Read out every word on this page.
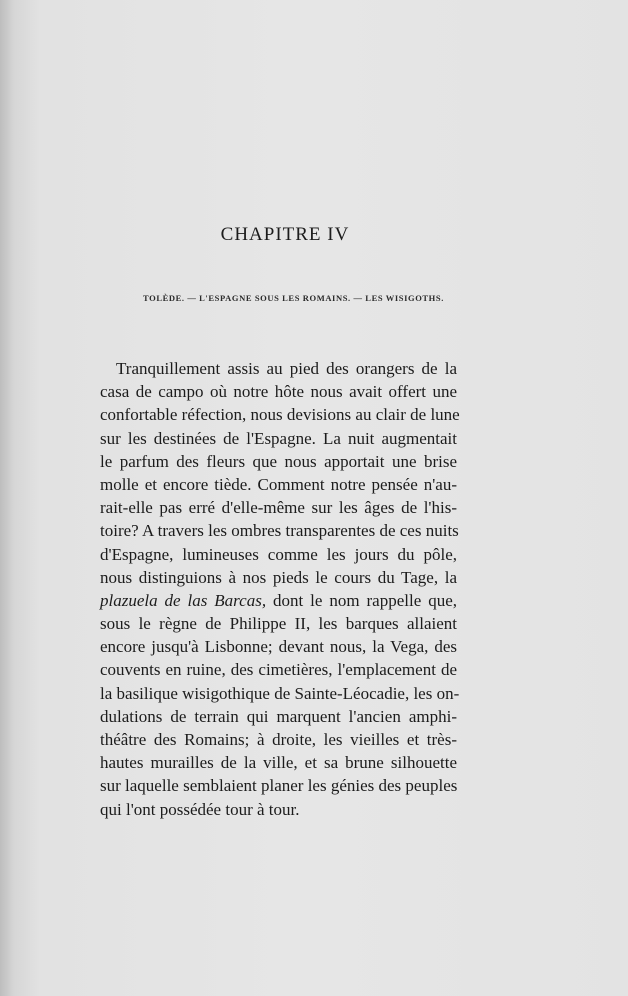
CHAPITRE IV
TOLÈDE. — L'ESPAGNE SOUS LES ROMAINS. — LES WISIGOTHS.
Tranquillement assis au pied des orangers de la
casa de campo où notre hôte nous avait offert une
confortable réfection, nous devisions au clair de lune
sur les destinées de l'Espagne. La nuit augmentait
le parfum des fleurs que nous apportait une brise
molle et encore tiède. Comment notre pensée n'au-
rait-elle pas erré d'elle-même sur les âges de l'his-
toire? A travers les ombres transparentes de ces nuits
d'Espagne, lumineuses comme les jours du pôle,
nous distinguions à nos pieds le cours du Tage, la
plazuela de las Barcas, dont le nom rappelle que,
sous le règne de Philippe II, les barques allaient
encore jusqu'à Lisbonne; devant nous, la Vega, des
couvents en ruine, des cimetières, l'emplacement de
la basilique wisigothique de Sainte-Léocadie, les on-
dulations de terrain qui marquent l'ancien amphi-
théâtre des Romains; à droite, les vieilles et très-
hautes murailles de la ville, et sa brune silhouette
sur laquelle semblaient planer les génies des peuples
qui l'ont possédée tour à tour.
